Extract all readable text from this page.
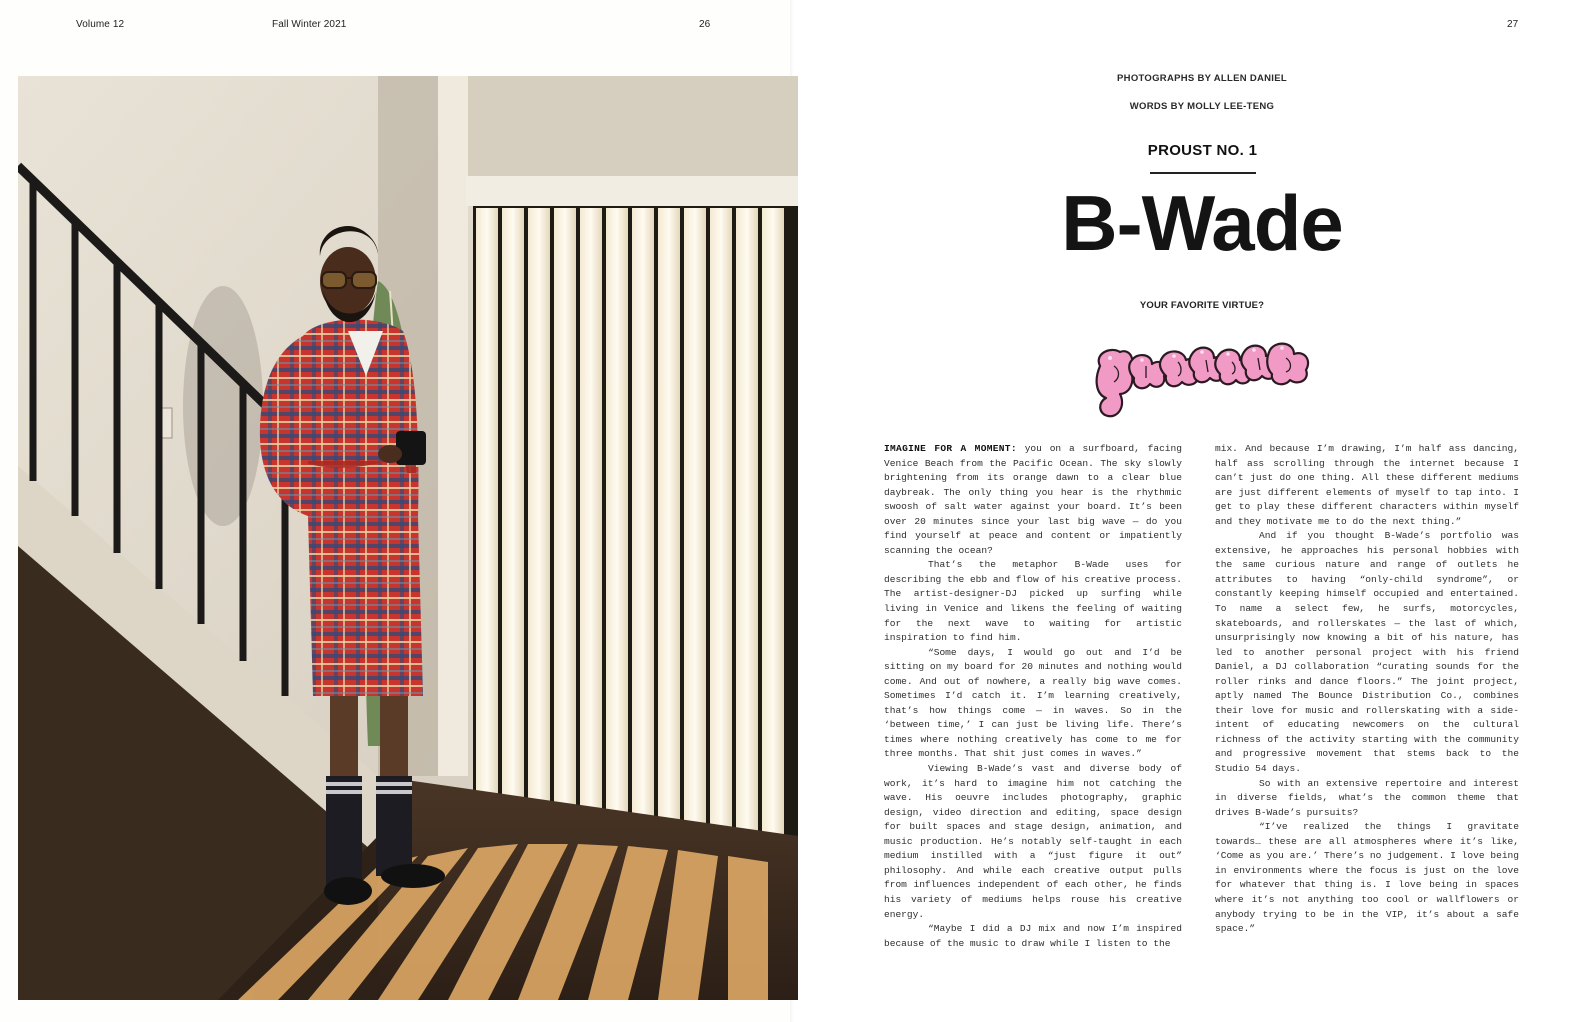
Volume 12	Fall Winter 2021	26	27
PHOTOGRAPHS BY ALLEN DANIEL
WORDS BY MOLLY LEE-TENG
PROUST NO. 1
B-Wade
YOUR FAVORITE VIRTUE?

IMAGINE FOR A MOMENT: you on a surfboard, facing Venice Beach from the Pacific Ocean. The sky slowly brightening from its orange dawn to a clear blue daybreak. The only thing you hear is the rhythmic swoosh of salt water against your board. It’s been over 20 minutes since your last big wave — do you find yourself at peace and content or impatiently scanning the ocean?

That’s the metaphor B-Wade uses for describing the ebb and flow of his creative process. The artist-designer-DJ picked up surfing while living in Venice and likens the feeling of waiting for the next wave to waiting for artistic inspiration to find him.

“Some days, I would go out and I’d be sitting on my board for 20 minutes and nothing would come. And out of nowhere, a really big wave comes. Sometimes I’d catch it. I’m learning creatively, that’s how things come — in waves. So in the ‘between time,’ I can just be living life. There’s times where nothing creatively has come to me for three months. That shit just comes in waves.”

Viewing B-Wade’s vast and diverse body of work, it’s hard to imagine him not catching the wave. His oeuvre includes photography, graphic design, video direction and editing, space design for built spaces and stage design, animation, and music production. He’s notably self-taught in each medium instilled with a “just figure it out” philosophy. And while each creative output pulls from influences independent of each other, he finds his variety of mediums helps rouse his creative energy.

“Maybe I did a DJ mix and now I’m inspired because of the music to draw while I listen to the

mix. And because I’m drawing, I’m half ass dancing, half ass scrolling through the internet because I can’t just do one thing. All these different mediums are just different elements of myself to tap into. I get to play these different characters within myself and they motivate me to do the next thing.”

And if you thought B-Wade’s portfolio was extensive, he approaches his personal hobbies with the same curious nature and range of outlets he attributes to having “only-child syndrome”, or constantly keeping himself occupied and entertained. To name a select few, he surfs, motorcycles, skateboards, and rollerskates — the last of which, unsurprisingly now knowing a bit of his nature, has led to another personal project with his friend Daniel, a DJ collaboration “curating sounds for the roller rinks and dance floors.” The joint project, aptly named The Bounce Distribution Co., combines their love for music and rollerskating with a side-intent of educating newcomers on the cultural richness of the activity starting with the community and progressive movement that stems back to the Studio 54 days.

So with an extensive repertoire and interest in diverse fields, what’s the common theme that drives B-Wade’s pursuits?

“I’ve realized the things I gravitate towards… these are all atmospheres where it’s like, ‘Come as you are.’ There’s no judgement. I love being in environments where the focus is just on the love for whatever that thing is. I love being in spaces where it’s not anything too cool or wallflowers or anybody trying to be in the VIP, it’s about a safe space.”
